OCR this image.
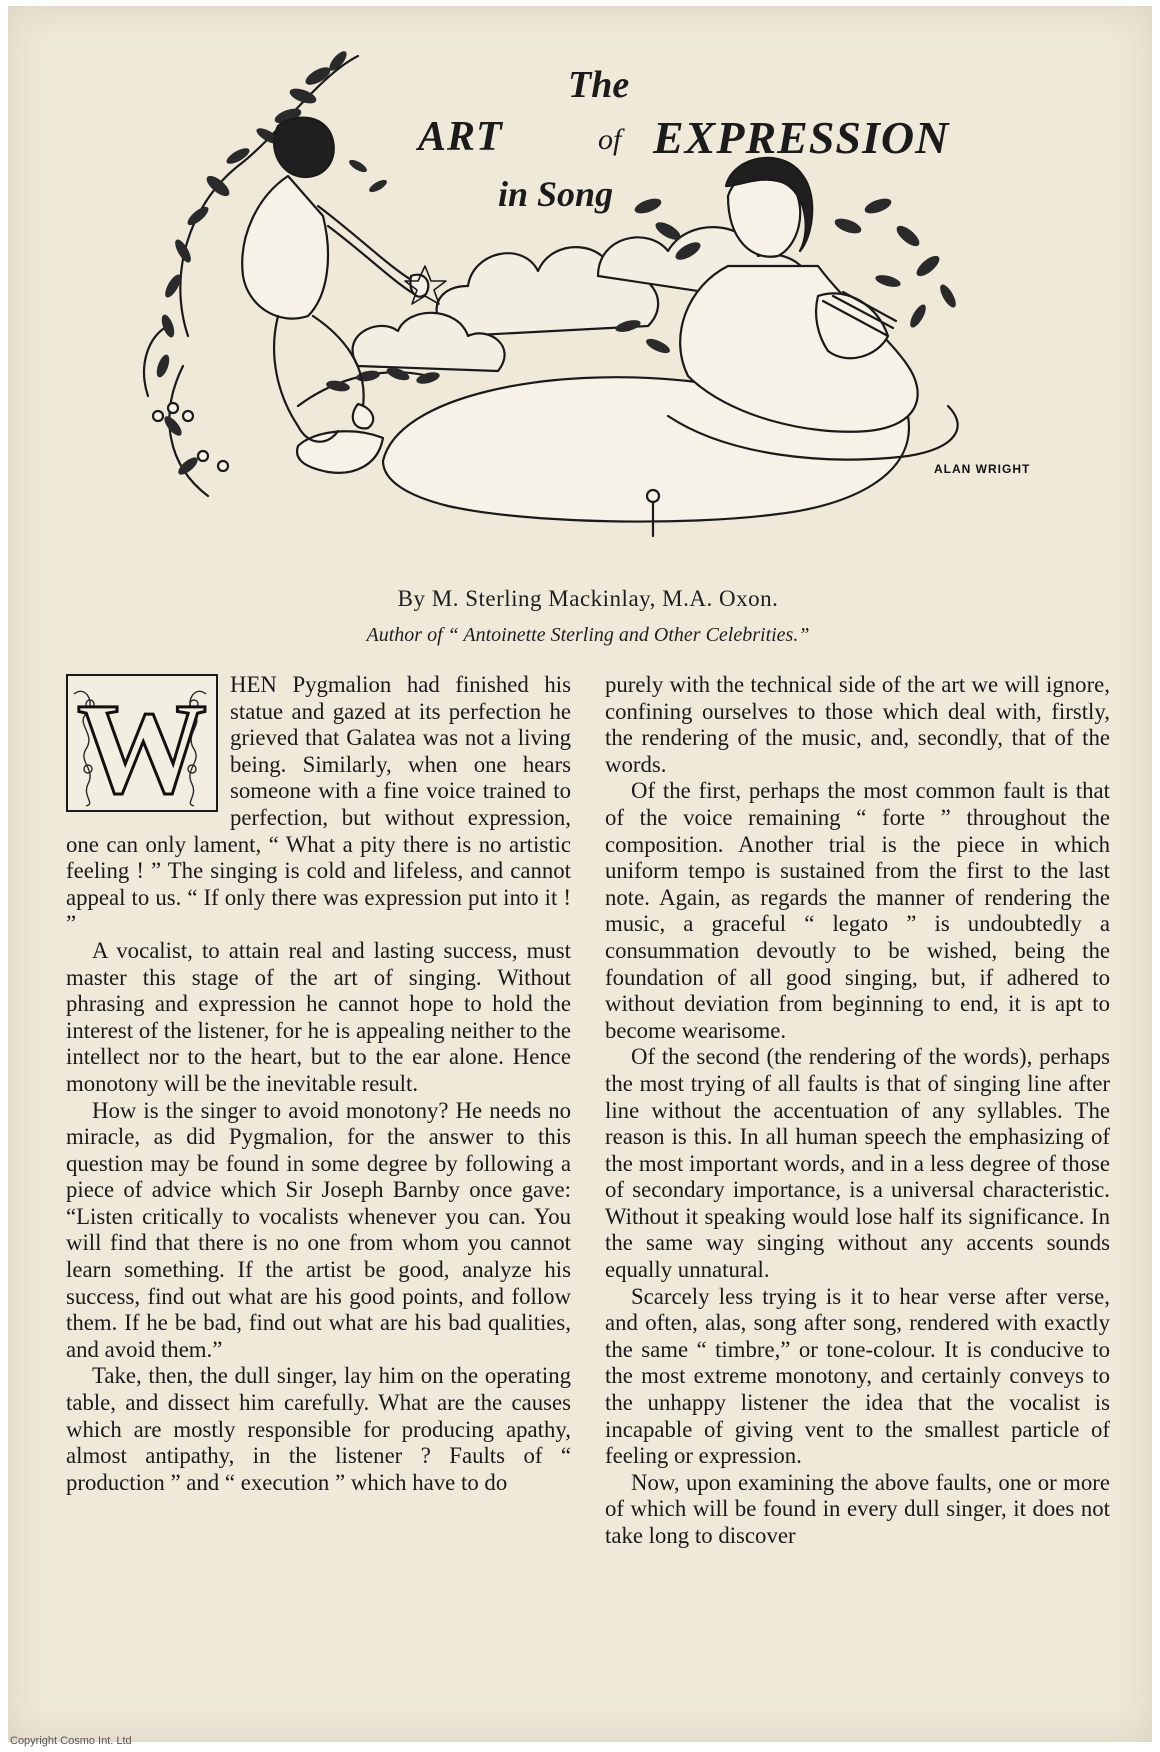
ALAN WRIGHT
The
ART	of EXPRESSION
in Song
By M. Sterling Mackinlay, M.A. Oxon.
Author of “ Antoinette Sterling and Other Celebrities.”
W	HEN Pygmalion had finished his statue and gazed at its perfection he grieved that Galatea was not a living being. Similarly, when one hears someone with a fine voice trained to perfection, but without expression, one can only lament, “ What a pity there is no artistic feeling ! ” The singing is cold and lifeless, and cannot appeal to us. “ If only there was expression put into it ! ”

A vocalist, to attain real and lasting success, must master this stage of the art of singing. Without phrasing and expression he cannot hope to hold the interest of the listener, for he is appealing neither to the intellect nor to the heart, but to the ear alone. Hence monotony will be the inevitable result.

How is the singer to avoid monotony? He needs no miracle, as did Pygmalion, for the answer to this question may be found in some degree by following a piece of advice which Sir Joseph Barnby once gave: “Listen critically to vocalists whenever you can. You will find that there is no one from whom you cannot learn something. If the artist be good, analyze his success, find out what are his good points, and follow them. If he be bad, find out what are his bad qualities, and avoid them.”

Take, then, the dull singer, lay him on the operating table, and dissect him carefully. What are the causes which are mostly responsible for producing apathy, almost antipathy, in the listener ? Faults of “ production ” and “ execution ” which have to do

purely with the technical side of the art we will ignore, confining ourselves to those which deal with, firstly, the rendering of the music, and, secondly, that of the words.

Of the first, perhaps the most common fault is that of the voice remaining “ forte ” throughout the composition. Another trial is the piece in which uniform tempo is sustained from the first to the last note. Again, as regards the manner of rendering the music, a graceful “ legato ” is undoubtedly a consummation devoutly to be wished, being the foundation of all good singing, but, if adhered to without deviation from beginning to end, it is apt to become wearisome.

Of the second (the rendering of the words), perhaps the most trying of all faults is that of singing line after line without the accentuation of any syllables. The reason is this. In all human speech the emphasizing of the most important words, and in a less degree of those of secondary importance, is a universal characteristic. Without it speaking would lose half its significance. In the same way singing without any accents sounds equally unnatural.

Scarcely less trying is it to hear verse after verse, and often, alas, song after song, rendered with exactly the same “ timbre,” or tone-colour. It is conducive to the most extreme monotony, and certainly conveys to the unhappy listener the idea that the vocalist is incapable of giving vent to the smallest particle of feeling or expression.

Now, upon examining the above faults, one or more of which will be found in every dull singer, it does not take long to discover

Copyright Cosmo Int. Ltd
